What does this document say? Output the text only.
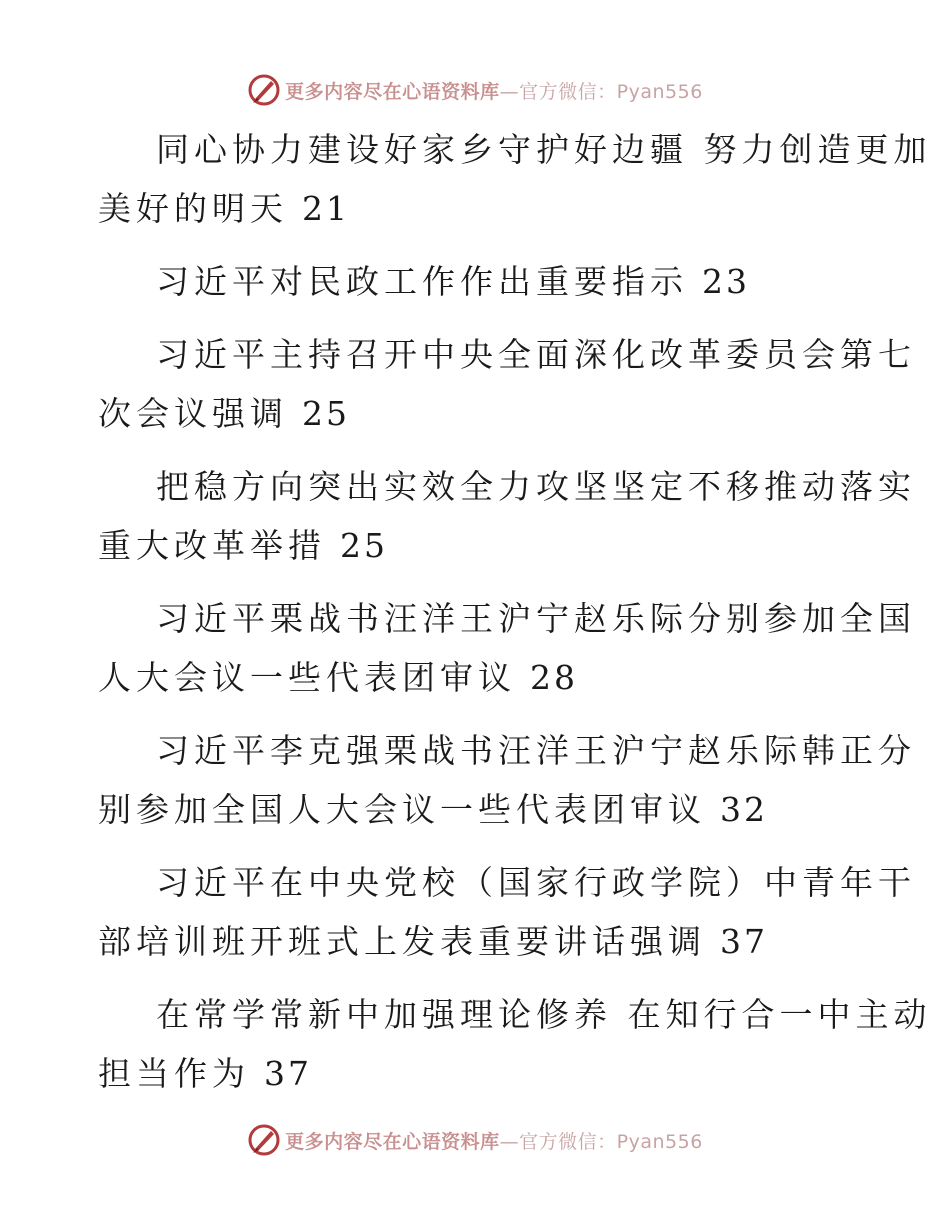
更多内容尽在心语资料库—官方微信：Pyan556
同心协力建设好家乡守护好边疆 努力创造更加
美好的明天 21
习近平对民政工作作出重要指示 23
习近平主持召开中央全面深化改革委员会第七
次会议强调 25
把稳方向突出实效全力攻坚坚定不移推动落实
重大改革举措 25
习近平栗战书汪洋王沪宁赵乐际分别参加全国
人大会议一些代表团审议 28
习近平李克强栗战书汪洋王沪宁赵乐际韩正分
别参加全国人大会议一些代表团审议 32
习近平在中央党校（国家行政学院）中青年干
部培训班开班式上发表重要讲话强调 37
在常学常新中加强理论修养 在知行合一中主动
担当作为 37
更多内容尽在心语资料库—官方微信：Pyan556
